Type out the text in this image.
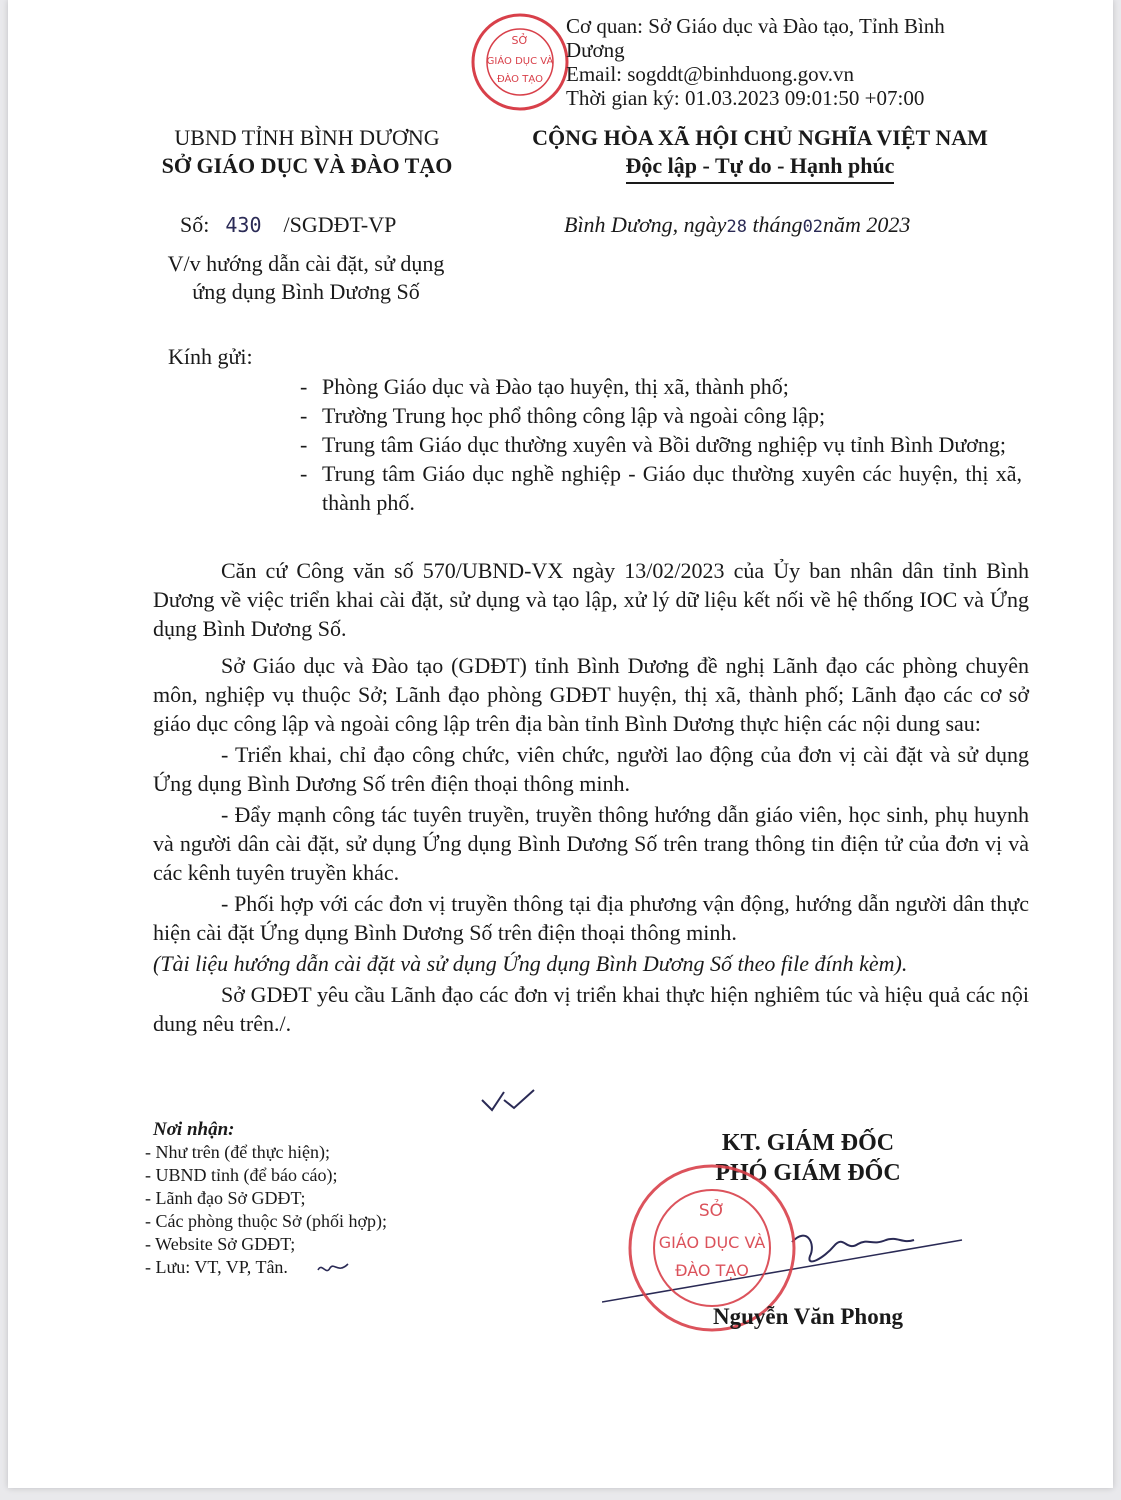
SỞ
GIÁO DỤC VÀ
ĐÀO TẠO
Cơ quan: Sở Giáo dục và Đào tạo, Tỉnh Bình
Dương
Email: sogddt@binhduong.gov.vn
Thời gian ký: 01.03.2023 09:01:50 +07:00
UBND TỈNH BÌNH DƯƠNG
SỞ GIÁO DỤC VÀ ĐÀO TẠO
CỘNG HÒA XÃ HỘI CHỦ NGHĨA VIỆT NAM
Độc lập - Tự do - Hạnh phúc
Số: 430 /SGDĐT-VP	Bình Dương, ngày28 tháng02năm 2023
V/v hướng dẫn cài đặt, sử dụng
ứng dụng Bình Dương Số
Kính gửi:
- Phòng Giáo dục và Đào tạo huyện, thị xã, thành phố;
- Trường Trung học phổ thông công lập và ngoài công lập;
- Trung tâm Giáo dục thường xuyên và Bồi dưỡng nghiệp vụ tỉnh Bình Dương;
- Trung tâm Giáo dục nghề nghiệp - Giáo dục thường xuyên các huyện, thị xã, thành phố.

Căn cứ Công văn số 570/UBND-VX ngày 13/02/2023 của Ủy ban nhân dân tỉnh Bình Dương về việc triển khai cài đặt, sử dụng và tạo lập, xử lý dữ liệu kết nối về hệ thống IOC và Ứng dụng Bình Dương Số.

Sở Giáo dục và Đào tạo (GDĐT) tỉnh Bình Dương đề nghị Lãnh đạo các phòng chuyên môn, nghiệp vụ thuộc Sở; Lãnh đạo phòng GDĐT huyện, thị xã, thành phố; Lãnh đạo các cơ sở giáo dục công lập và ngoài công lập trên địa bàn tỉnh Bình Dương thực hiện các nội dung sau:

- Triển khai, chỉ đạo công chức, viên chức, người lao động của đơn vị cài đặt và sử dụng Ứng dụng Bình Dương Số trên điện thoại thông minh.

- Đẩy mạnh công tác tuyên truyền, truyền thông hướng dẫn giáo viên, học sinh, phụ huynh và người dân cài đặt, sử dụng Ứng dụng Bình Dương Số trên trang thông tin điện tử của đơn vị và các kênh tuyên truyền khác.

- Phối hợp với các đơn vị truyền thông tại địa phương vận động, hướng dẫn người dân thực hiện cài đặt Ứng dụng Bình Dương Số trên điện thoại thông minh.

(Tài liệu hướng dẫn cài đặt và sử dụng Ứng dụng Bình Dương Số theo file đính kèm).

Sở GDĐT yêu cầu Lãnh đạo các đơn vị triển khai thực hiện nghiêm túc và hiệu quả các nội dung nêu trên./.

Nơi nhận:
- Như trên (để thực hiện);
- UBND tỉnh (để báo cáo);
- Lãnh đạo Sở GDĐT;
- Các phòng thuộc Sở (phối hợp);
- Website Sở GDĐT;
- Lưu: VT, VP, Tân.
KT. GIÁM ĐỐC
PHÓ GIÁM ĐỐC
SỞ
GIÁO DỤC VÀ
ĐÀO TẠO
Nguyễn Văn Phong
